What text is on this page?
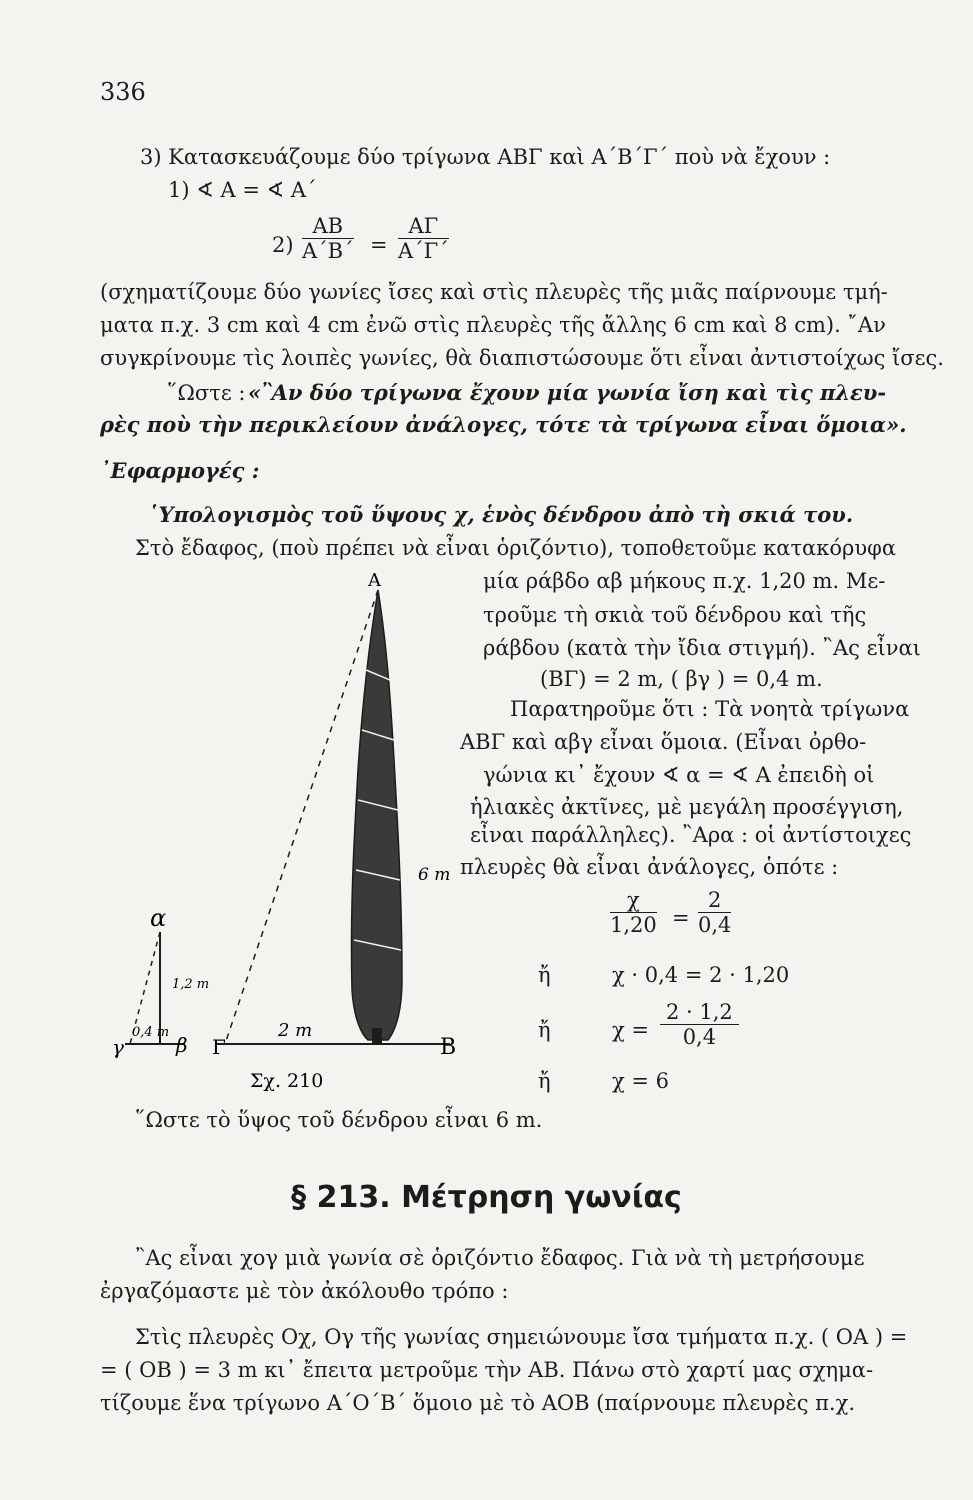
336
3) Κατασκευάζουμε δύο τρίγωνα ΑΒΓ καὶ Α΄Β΄Γ΄ ποὺ νὰ ἔχουν :
1) ∢ Α = ∢ Α΄
$2) \frac{AB}{A΄B΄} = \frac{A\Gamma}{A΄\Gamma΄}$
(σχηματίζουμε δύο γωνίες ἴσες καὶ στὶς πλευρὲς τῆς μιᾶς παίρνουμε τμή-
ματα π.χ. 3 cm καὶ 4 cm ἐνῶ στὶς πλευρὲς τῆς ἄλλης 6 cm καὶ 8 cm). ῎Αν
συγκρίνουμε τὶς λοιπὲς γωνίες, θὰ διαπιστώσουμε ὅτι εἶναι ἀντιστοίχως ἴσες.
῞Ωστε : «῍Αν δύο τρίγωνα ἔχουν μία γωνία ἴση καὶ τὶς πλευ-
ρὲς ποὺ τὴν περικλείουν ἀνάλογες, τότε τὰ τρίγωνα εἶναι ὅμοια».
᾿Εφαρμογές :
῾Υπολογισμὸς τοῦ ὕψους χ, ἑνὸς δένδρου ἀπὸ τὴ σκιά του.
Στὸ ἔδαφος, (ποὺ πρέπει νὰ εἶναι ὁριζόντιο), τοποθετοῦμε κατακόρυφα
μία ράβδο αβ μήκους π.χ. 1,20 m. Με-
τροῦμε τὴ σκιὰ τοῦ δένδρου καὶ τῆς
ράβδου (κατὰ τὴν ἴδια στιγμή). ῍Ας εἶναι
(ΒΓ) = 2 m, ( βγ ) = 0,4 m.
Παρατηροῦμε ὅτι : Τὰ νοητὰ τρίγωνα
ΑΒΓ καὶ αβγ εἶναι ὅμοια. (Εἶναι ὀρθο-
γώνια κι᾿ ἔχουν ∢ α = ∢ Α ἐπειδὴ οἱ
ἡλιακὲς ἀκτῖνες, μὲ μεγάλη προσέγγιση,
εἶναι παράλληλες). ῍Αρα : οἱ ἀντίστοιχες
πλευρὲς θὰ εἶναι ἀνάλογες, ὁπότε :
$\frac{\chi}{1,20} = \frac{2}{0,4}$
ἤ	χ · 0,4 = 2 · 1,20
ἤ	$\chi = \frac{2 \cdot 1,2}{0,4}$
ἤ	χ = 6
῞Ωστε τὸ ὕψος τοῦ δένδρου εἶναι 6 m.
Α
Β
Γ
α
β
γ
1,2 m
0,4 m	2 m
6 m
Σχ. 210
§ 213. Μέτρηση γωνίας
῍Ας εἶναι χογ μιὰ γωνία σὲ ὁριζόντιο ἔδαφος. Γιὰ νὰ τὴ μετρήσουμε
ἐργαζόμαστε μὲ τὸν ἀκόλουθο τρόπο :
Στὶς πλευρὲς Οχ, Ογ τῆς γωνίας σημειώνουμε ἴσα τμήματα π.χ. ( ΟΑ ) =
= ( ΟΒ ) = 3 m κι᾿ ἔπειτα μετροῦμε τὴν ΑΒ. Πάνω στὸ χαρτί μας σχημα-
τίζουμε ἕνα τρίγωνο Α΄Ο΄Β΄ ὅμοιο μὲ τὸ ΑΟΒ (παίρνουμε πλευρὲς π.χ.
